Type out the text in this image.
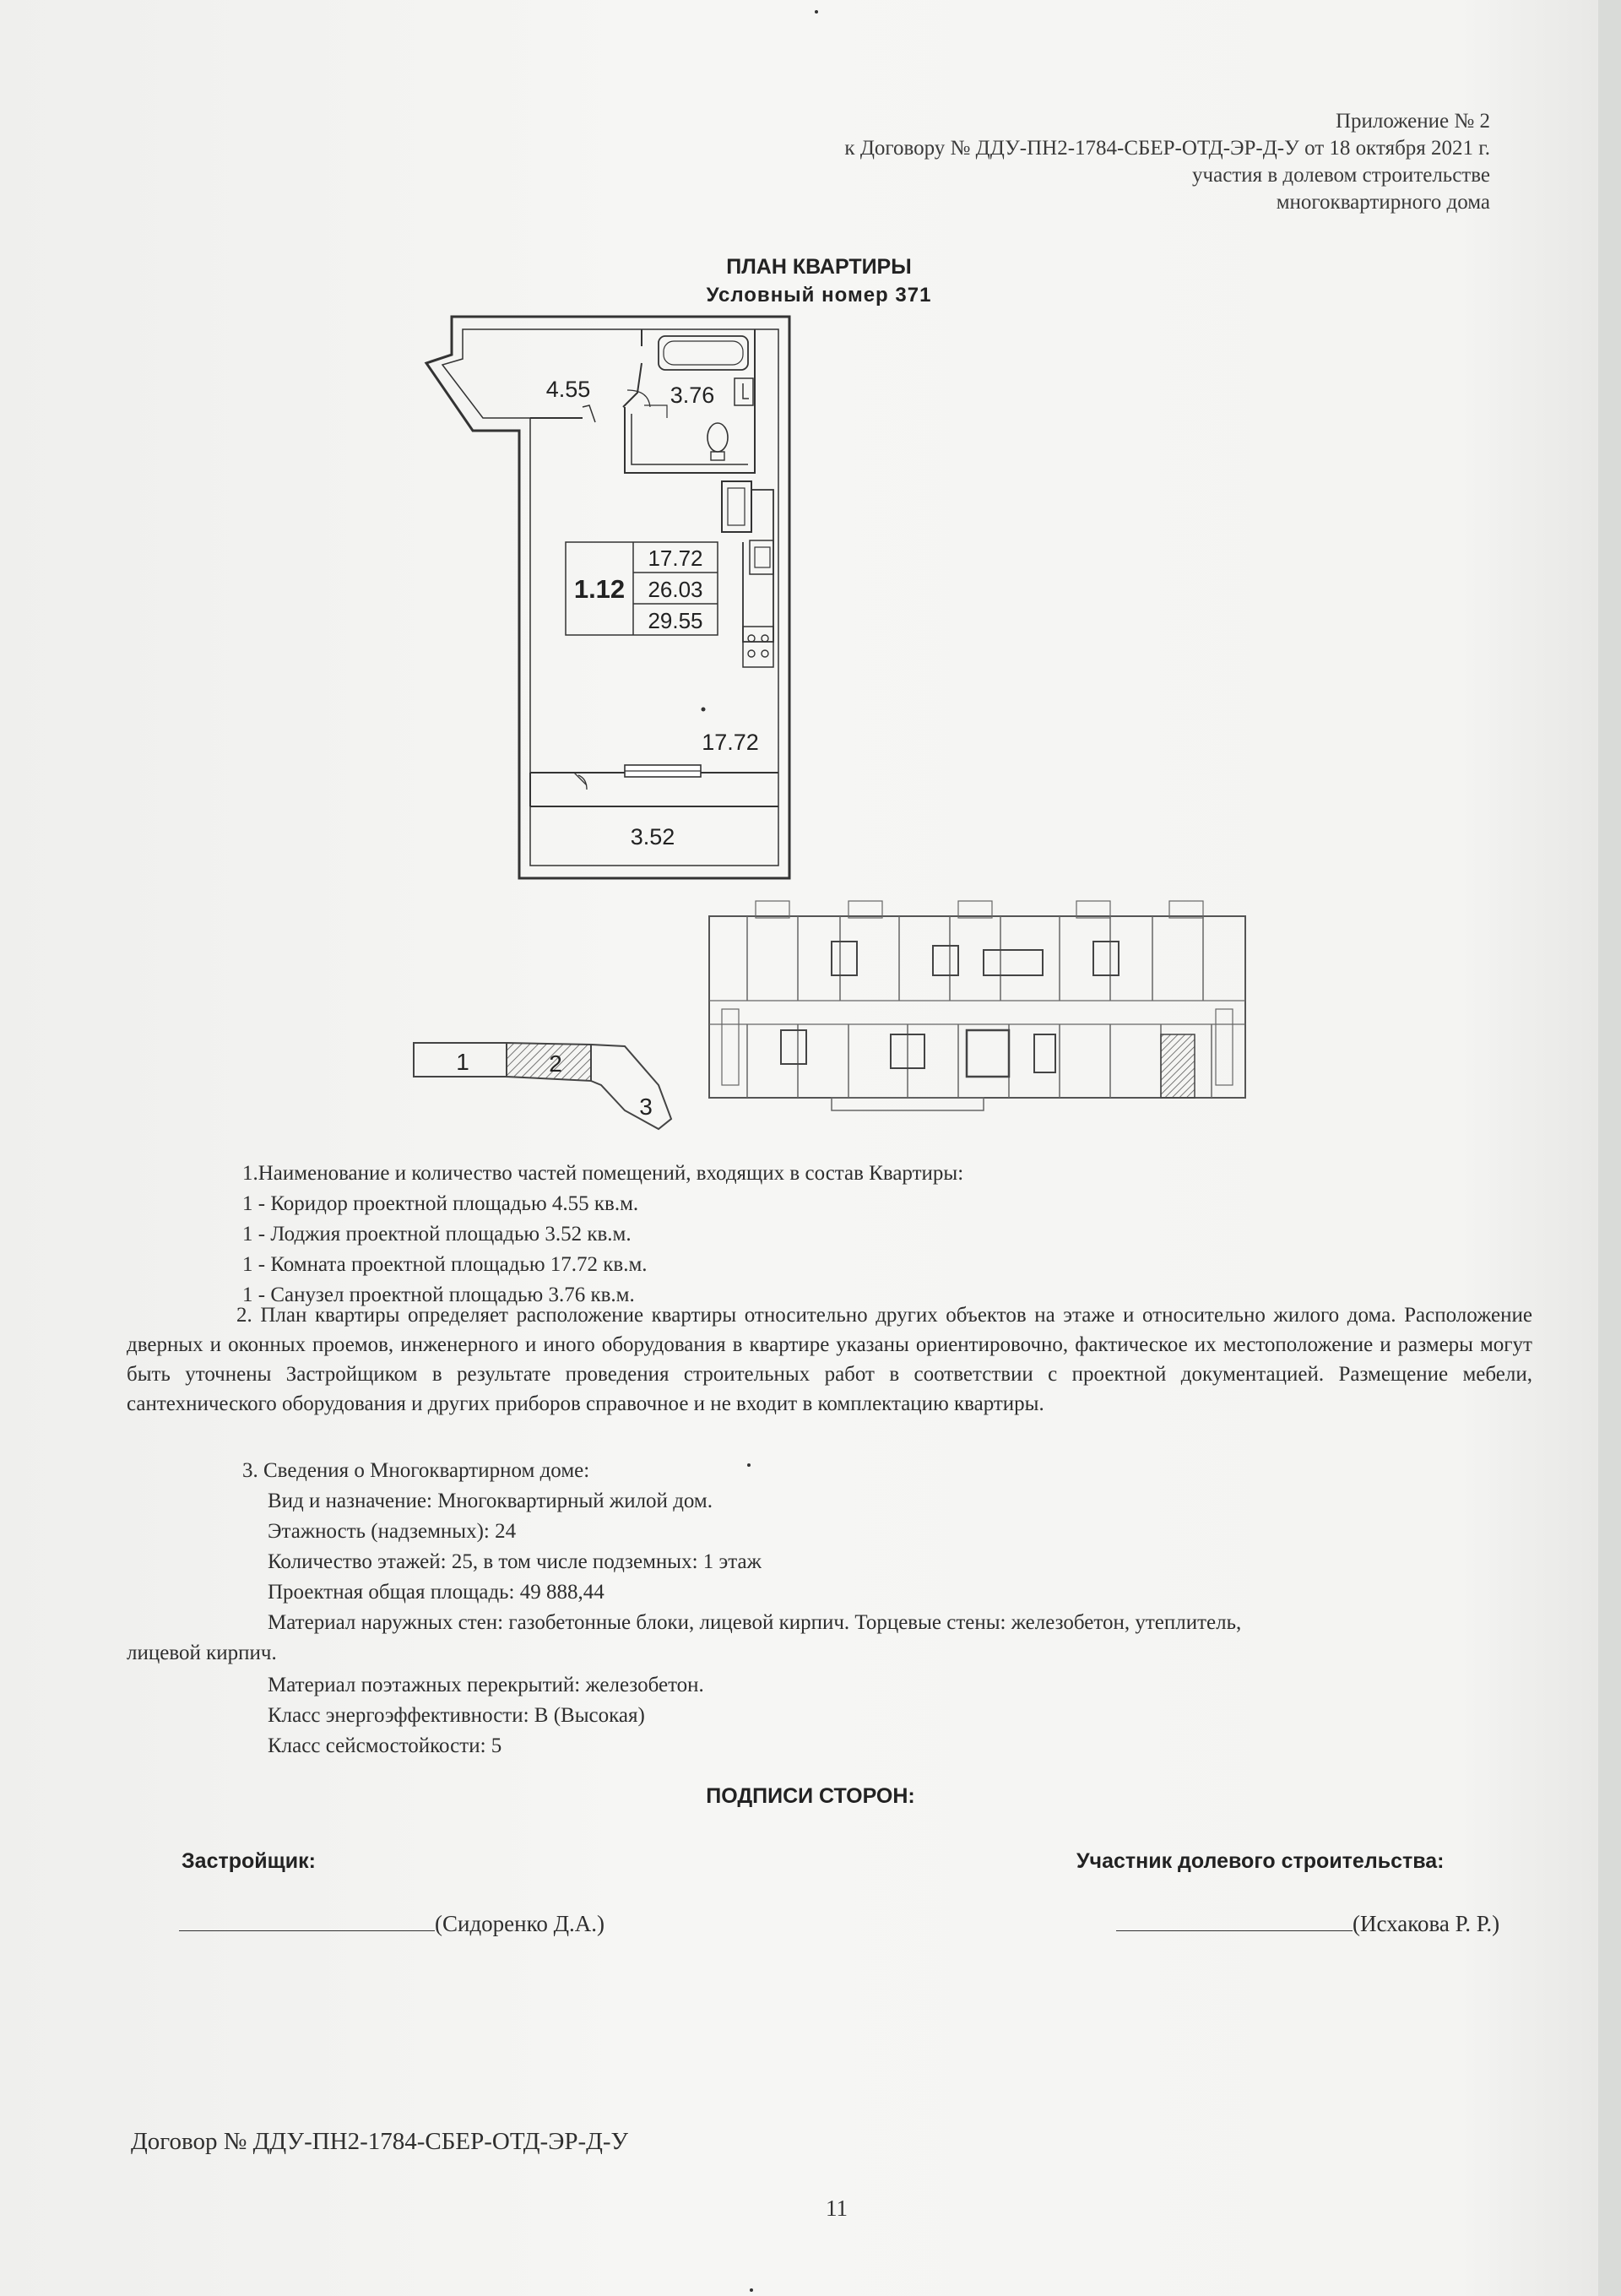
Приложение № 2
к Договору № ДДУ-ПН2-1784-СБЕР-ОТД-ЭР-Д-У от 18 октября 2021 г.
участия в долевом строительстве
многоквартирного дома
ПЛАН КВАРТИРЫ
Условный номер 371
1.12
17.72
26.03
29.55
4.55	3.76
17.72
3.52
1	2
3
1.Наименование и количество частей помещений, входящих в состав Квартиры:
1 - Коридор проектной площадью 4.55 кв.м.
1 - Лоджия проектной площадью 3.52 кв.м.
1 - Комната проектной площадью 17.72 кв.м.
1 - Санузел проектной площадью 3.76 кв.м.
2. План квартиры определяет расположение квартиры относительно других объектов на этаже и относительно жилого дома. Расположение дверных и оконных проемов, инженерного и иного оборудования в квартире указаны ориентировочно, фактическое их местоположение и размеры могут быть уточнены Застройщиком в результате проведения строительных работ в соответствии с проектной документацией. Размещение мебели, сантехнического оборудования и других приборов справочное и не входит в комплектацию квартиры.
3. Сведения о Многоквартирном доме:
Вид и назначение: Многоквартирный жилой дом.
Этажность (надземных): 24
Количество этажей: 25, в том числе подземных: 1 этаж
Проектная общая площадь: 49 888,44
Материал наружных стен: газобетонные блоки, лицевой кирпич. Торцевые стены: железобетон, утеплитель,
лицевой кирпич.
Материал поэтажных перекрытий: железобетон.
Класс энергоэффективности: В (Высокая)
Класс сейсмостойкости: 5
ПОДПИСИ СТОРОН:
Застройщик:	Участник долевого строительства:
(Сидоренко Д.А.)	(Исхакова Р. Р.)
Договор № ДДУ-ПН2-1784-СБЕР-ОТД-ЭР-Д-У
11
